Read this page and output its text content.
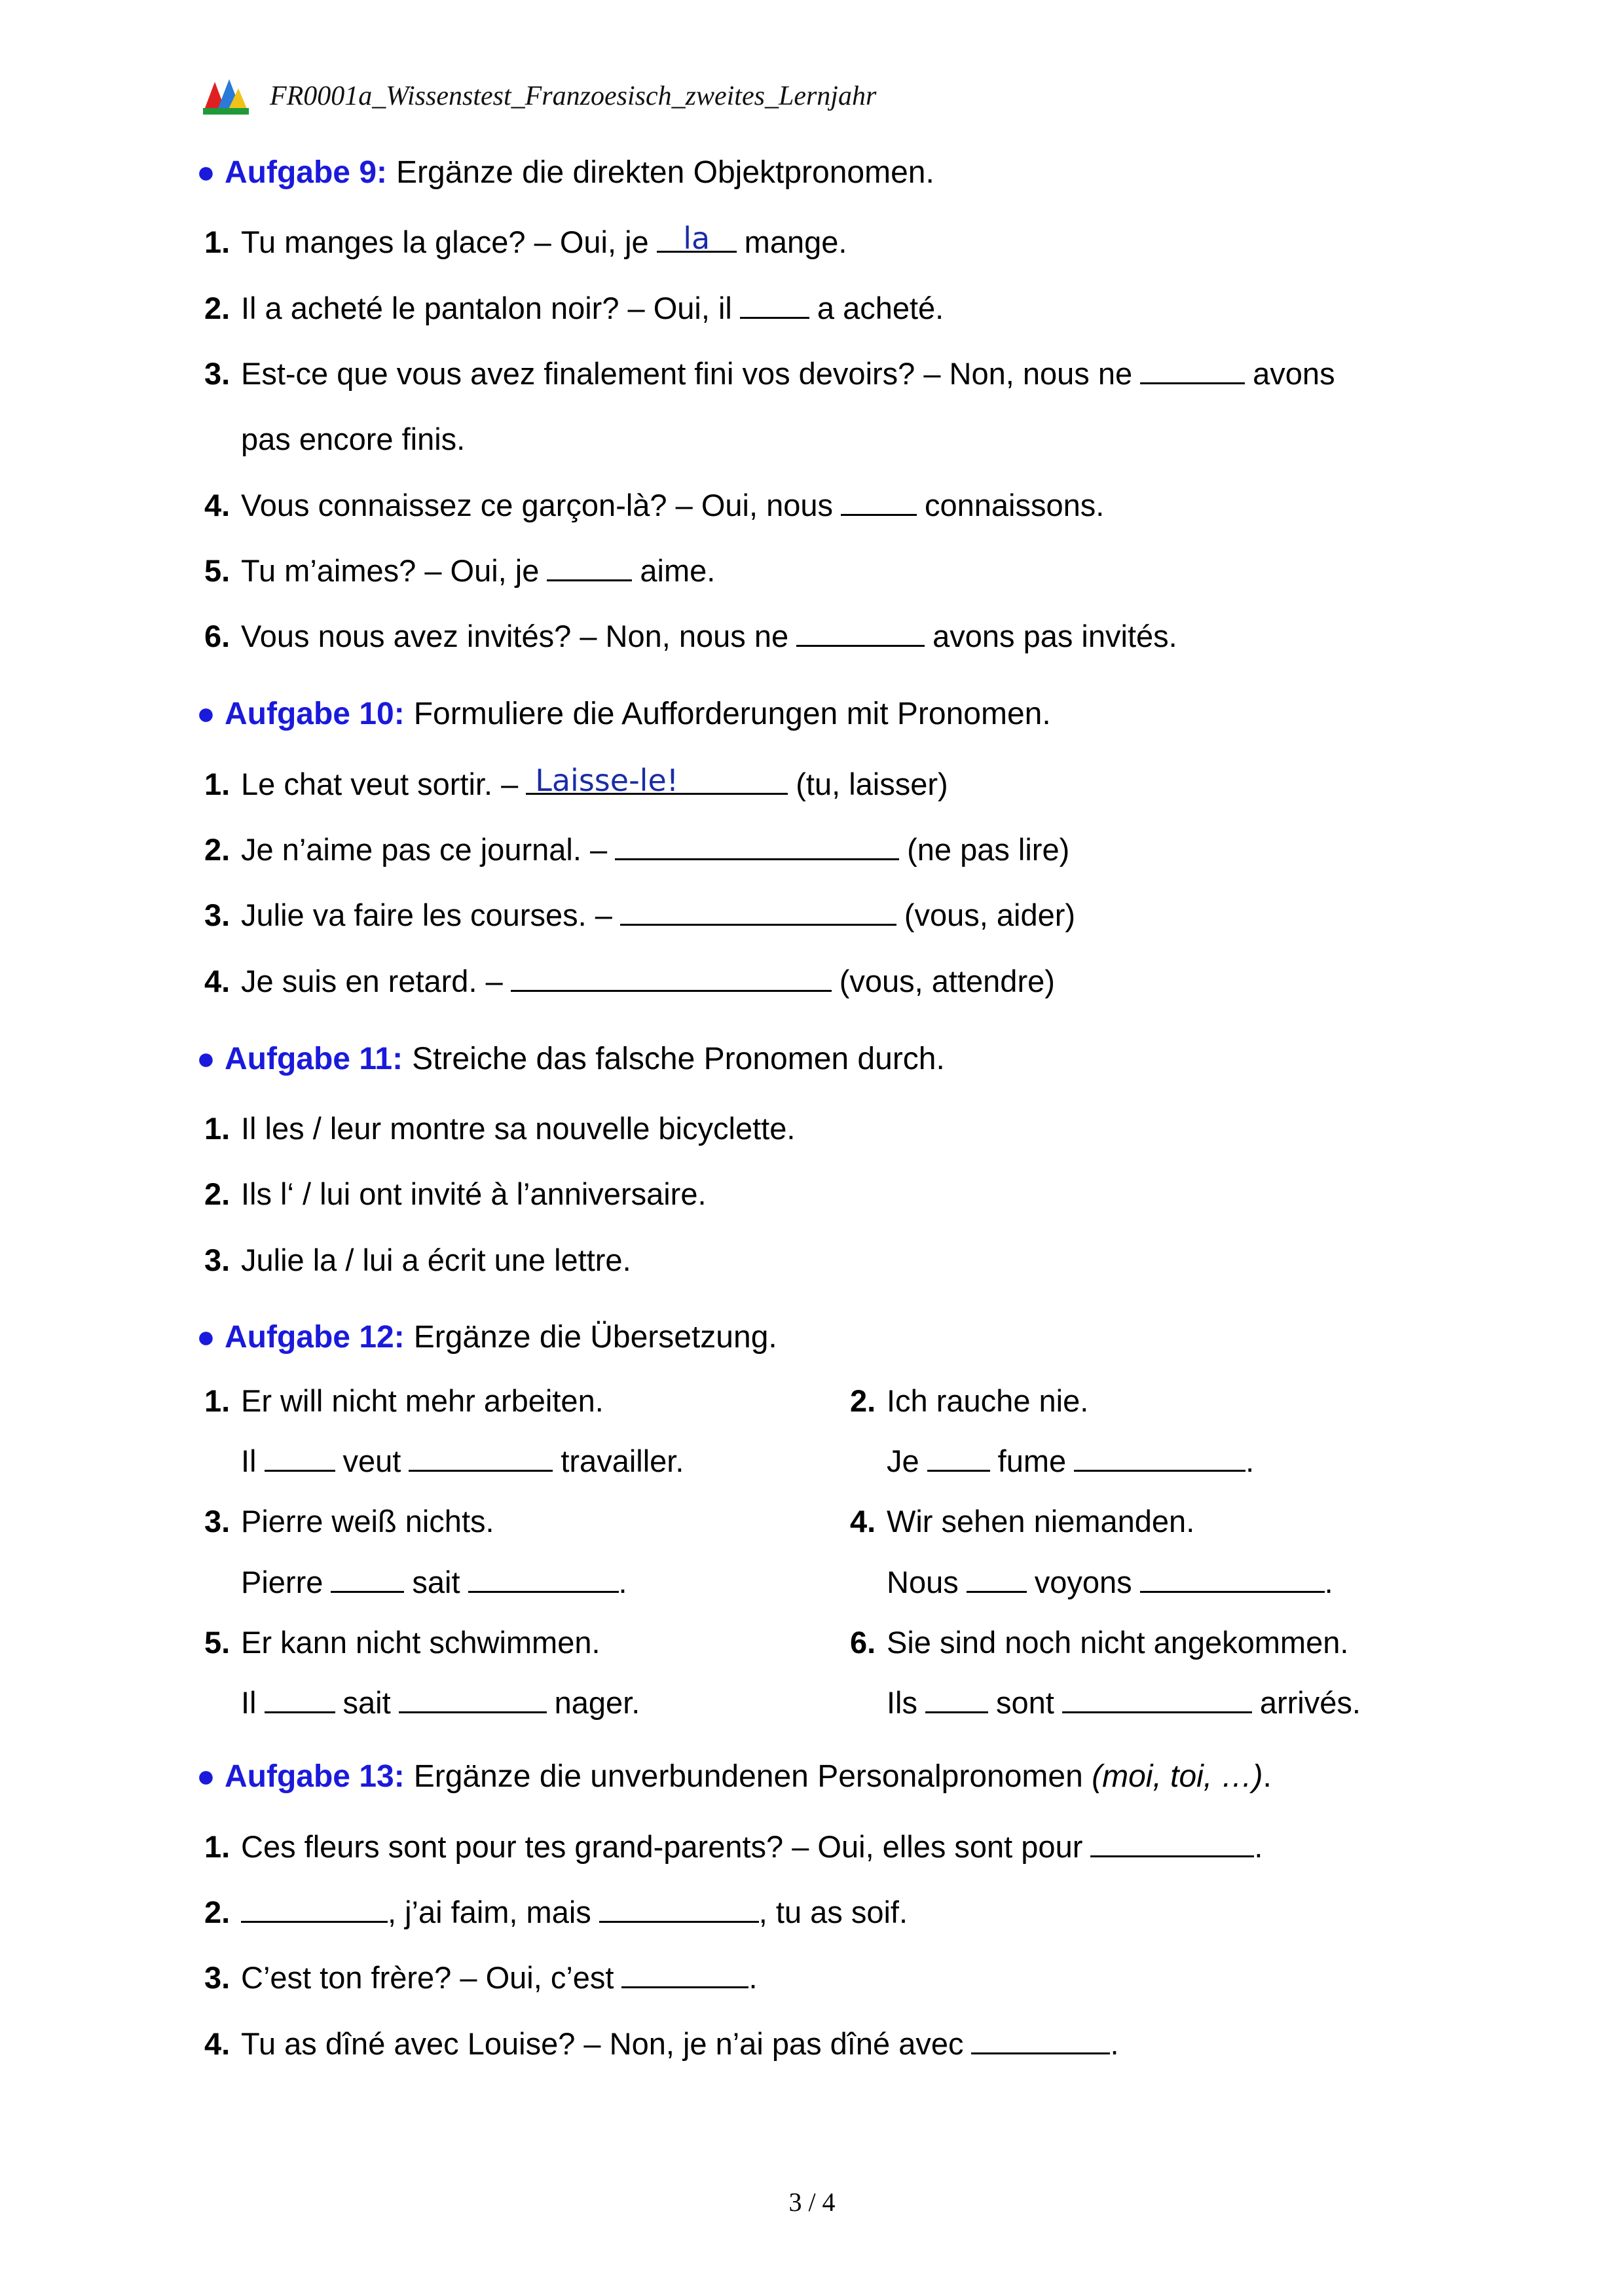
FR0001a_Wissenstest_Franzoesisch_zweites_Lernjahr
● Aufgabe 9: Ergänze die direkten Objektpronomen.
1. Tu manges la glace? – Oui, je	la	mange.
2. Il a acheté le pantalon noir? – Oui, il	a acheté.
3. Est-ce que vous avez finalement fini vos devoirs? – Non, nous ne	avons
pas encore finis.
4. Vous connaissez ce garçon-là? – Oui, nous	connaissons.
5. Tu m’aimes? – Oui, je	aime.
6. Vous nous avez invités? – Non, nous ne	avons pas invités.
● Aufgabe 10: Formuliere die Aufforderungen mit Pronomen.
1. Le chat veut sortir. – Laisse-le!	(tu, laisser)
2. Je n’aime pas ce journal. –	(ne pas lire)
3. Julie va faire les courses. –	(vous, aider)
4. Je suis en retard. –	(vous, attendre)
● Aufgabe 11: Streiche das falsche Pronomen durch.
1. Il les / leur montre sa nouvelle bicyclette.
2. Ils l‘ / lui ont invité à l’anniversaire.
3. Julie la / lui a écrit une lettre.
● Aufgabe 12: Ergänze die Übersetzung.
1. Er will nicht mehr arbeiten.
Il	veut	travailler.
3. Pierre weiß nichts.
Pierre	sait	.
5. Er kann nicht schwimmen.
Il	sait	nager.
2. Ich rauche nie.
Je	fume	.
4. Wir sehen niemanden.
Nous voyons	.
6. Sie sind noch nicht angekommen.
Ils	sont	arrivés.
● Aufgabe 13: Ergänze die unverbundenen Personalpronomen (moi, toi, …).
1. Ces fleurs sont pour tes grand-parents? – Oui, elles sont pour	.
2.	, j’ai faim, mais	, tu as soif.
3. C’est ton frère? – Oui, c’est	.
4. Tu as dîné avec Louise? – Non, je n’ai pas dîné avec	.
3 / 4
